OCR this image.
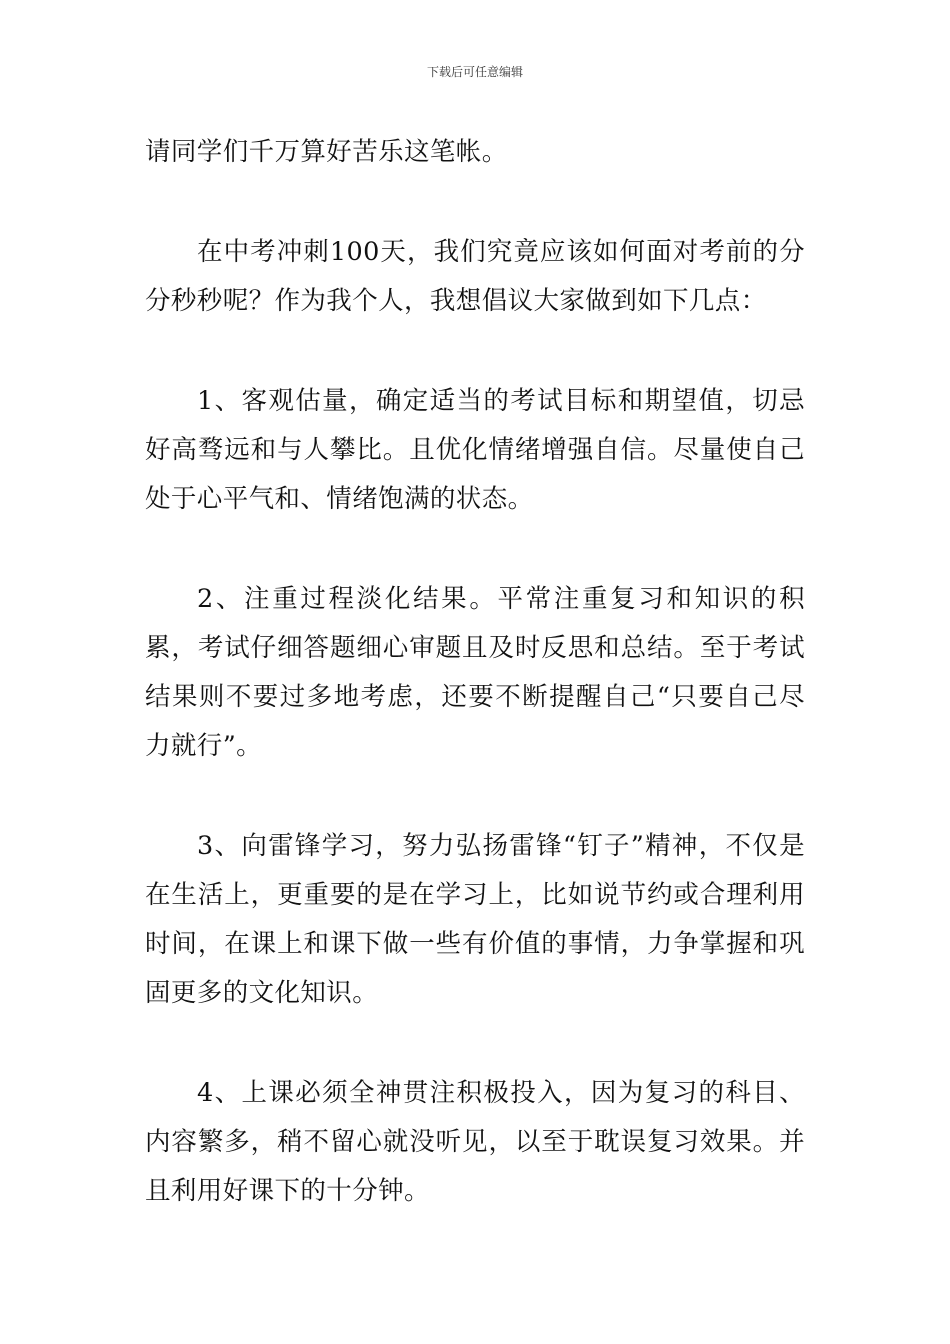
下载后可任意编辑

请同学们千万算好苦乐这笔帐。

在中考冲刺100天，我们究竟应该如何面对考前的分分秒秒呢？作为我个人，我想倡议大家做到如下几点：

1、客观估量，确定适当的考试目标和期望值，切忌好高骛远和与人攀比。且优化情绪增强自信。尽量使自己处于心平气和、情绪饱满的状态。

2、注重过程淡化结果。平常注重复习和知识的积累，考试仔细答题细心审题且及时反思和总结。至于考试结果则不要过多地考虑，还要不断提醒自己“只要自己尽力就行”。

3、向雷锋学习，努力弘扬雷锋“钉子”精神，不仅是在生活上，更重要的是在学习上，比如说节约或合理利用时间，在课上和课下做一些有价值的事情，力争掌握和巩固更多的文化知识。

4、上课必须全神贯注积极投入，因为复习的科目、内容繁多，稍不留心就没听见，以至于耽误复习效果。并且利用好课下的十分钟。
